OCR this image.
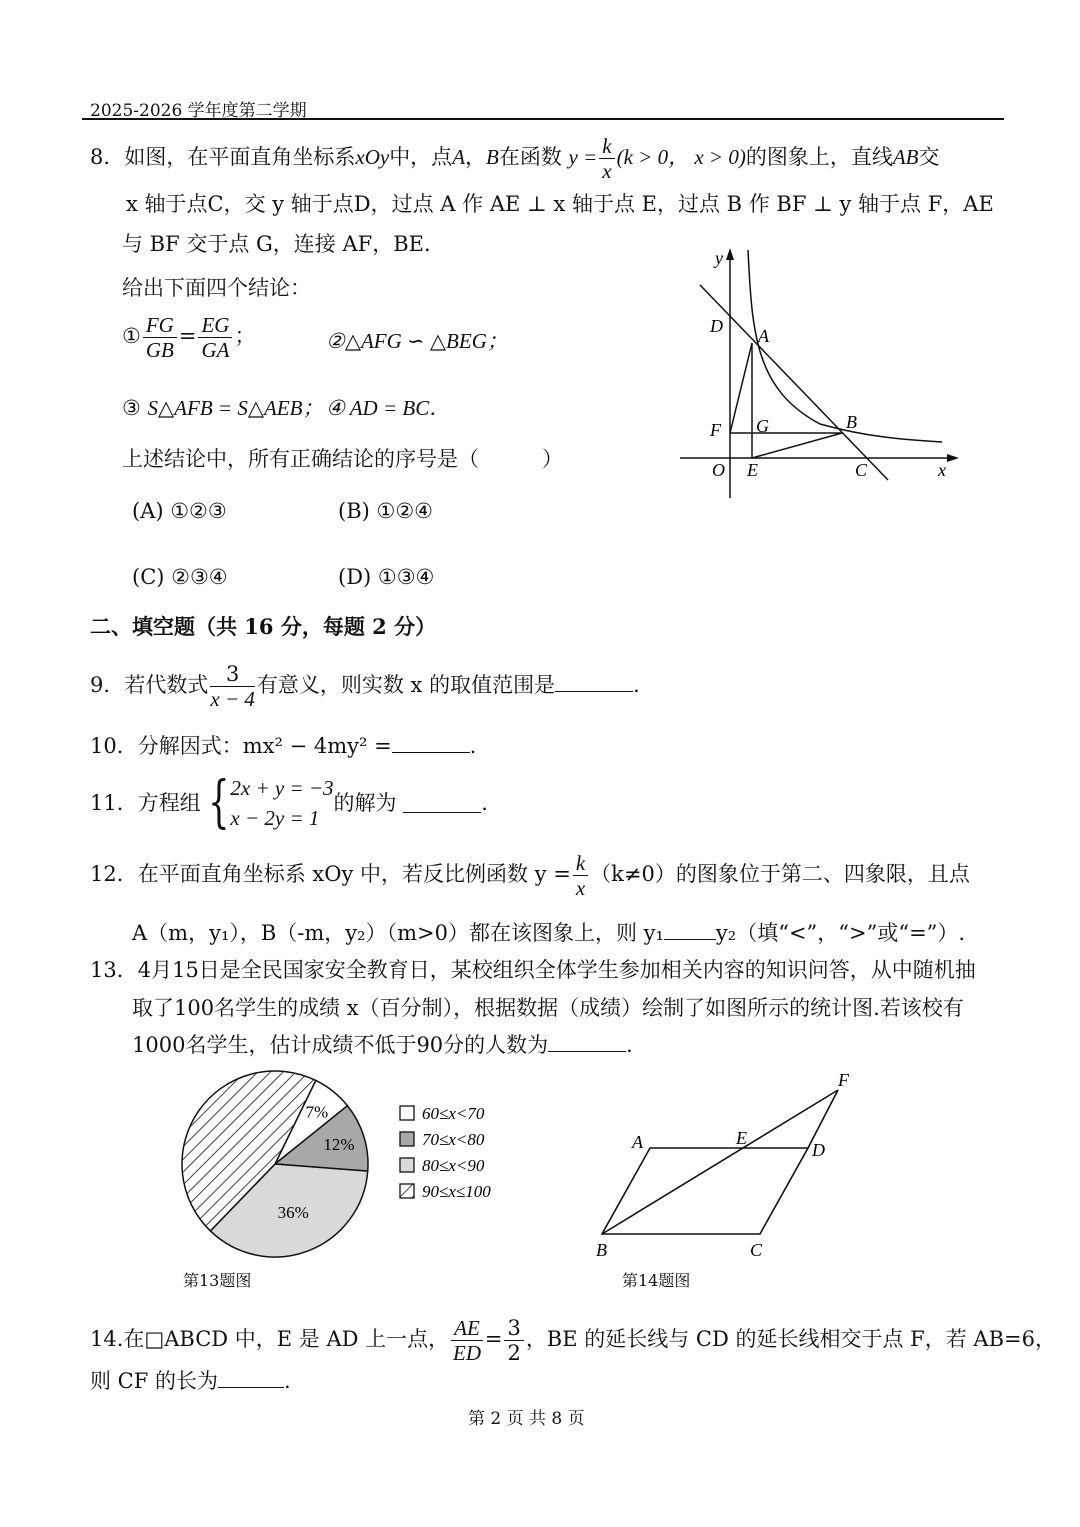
2025-2026 学年度第二学期
8．如图，在平面直角坐标系xOy中，点A，B在函数 $y = \frac{k}{x} (k > 0$， x > 0)的图象上，直线AB交
x 轴于点C，交 y 轴于点D，过点 A 作 AE ⊥ x 轴于点 E，过点 B 作 BF ⊥ y 轴于点 F，AE
与 BF 交于点 G，连接 AF，BE．
给出下面四个结论：
① $\frac{FG}{GB} = \frac{EG}{GA}$ ；	②△AFG ∽ △BEG；
③ S△AFB = S△AEB； ④ AD = BC．
上述结论中，所有正确结论的序号是（　　　）
(A) ①②③	(B) ①②④
(C) ②③④	(D) ①③④
y
x
O
D A
F G	B
E	C
二、填空题（共 16 分，每题 2 分）
9．若代数式 $\frac{3}{x - 4}$ 有意义，则实数 x 的取值范围是	.
10．分解因式：mx² − 4my² =	.
11．方程组 { 2x + y = −3
x − 2y = 1
的解为	.
12．在平面直角坐标系 xOy 中，若反比例函数 $y = \frac{k}{x} (k\ne 0)$的图象位于第二、四象限，且点
A（m，y₁），B（-m，y₂）（m>0）都在该图象上，则 y₁ y₂（填“<”，“>”或“=”）.
13．4月15日是全民国家安全教育日，某校组织全体学生参加相关内容的知识问答，从中随机抽
取了100名学生的成绩 x（百分制），根据数据（成绩）绘制了如图所示的统计图.若该校有
1000名学生，估计成绩不低于90分的人数为	.
7%
12%
36%
60≤x<70
70≤x<80
80≤x<90
90≤x≤100
第13题图
A	E
D
F
B	C
第14题图
14.在□ABCD 中，E 是 AD 上一点， $\frac{AE}{ED} = \frac{3}{2}$ ，BE 的延长线与 CD 的延长线相交于点 F，若 AB=6，
则 CF 的长为	.
第 2 页 共 8 页
